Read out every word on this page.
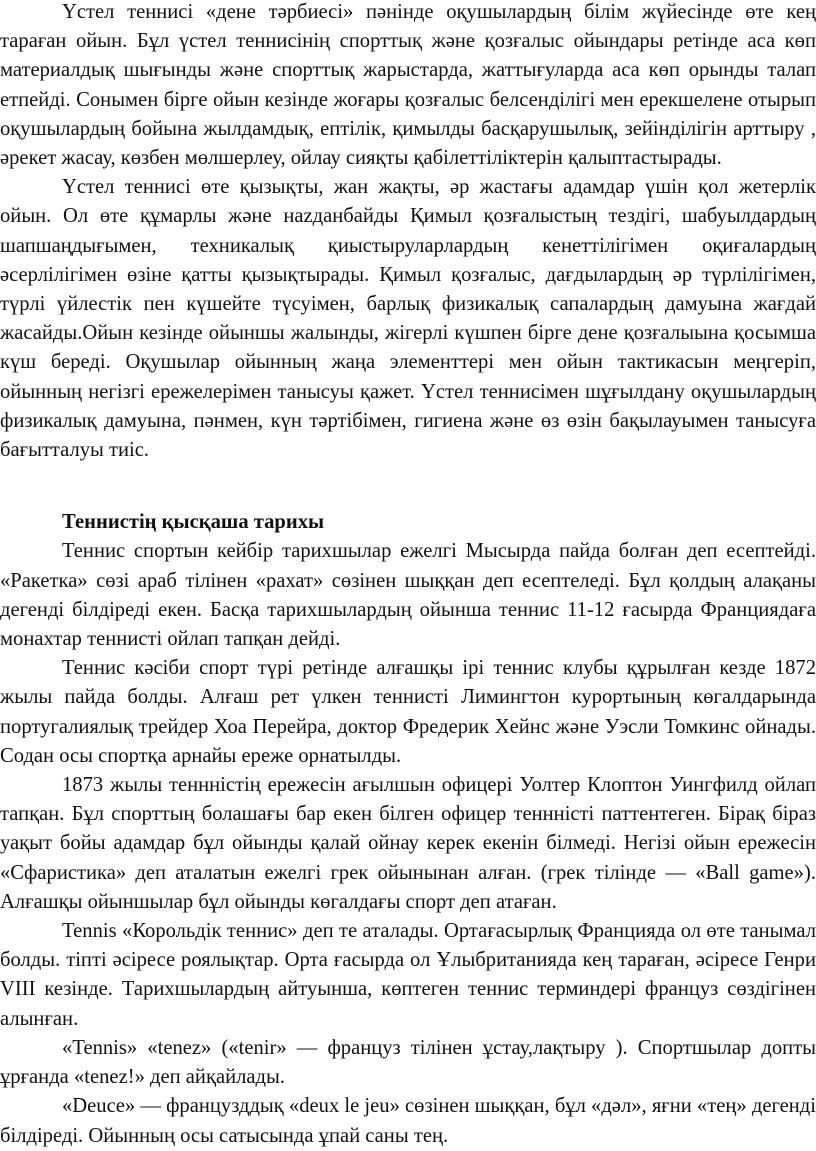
Үстел теннисі «дене тәрбиесі» пәнінде оқушылардың білім жүйесінде өте кең тараған ойын. Бұл үстел теннисінің спорттық және қозғалыс ойындары ретінде аса көп материалдық шығынды және спорттық жарыстарда, жаттығуларда аса көп орынды талап етпейді. Сонымен бірге ойын кезінде жоғары қозғалыс белсенділігі мен ерекшелене отырып оқушылардың бойына жылдамдық, ептілік, қимылды басқарушылық, зейінділігін арттыру , әрекет жасау, көзбен мөлшерлеу, ойлау сияқты қабілеттіліктерін қалыптастырады.

Үстел теннисі өте қызықты, жан жақты, әр жастағы адамдар үшін қол жетерлік ойын. Ол өте құмарлы және нazданбайды Қимыл қозғалыстың тездігі, шабуылдардың шапшаңдығымен, техникалық қиыстыруларлардың кенеттілігімен оқиғалардың әсерлілігімен өзіне қатты қызықтырады. Қимыл қозғалыс, дағдылардың әр түрлілігімен, түрлі үйлестік пен күшейте түсуімен, барлық физикалық сапалардың дамуына жағдай жасайды.Ойын кезінде ойыншы жалынды, жігерлі күшпен бірге дене қозғалыына қосымша күш береді. Оқушылар ойынның жаңа элементтері мен ойын тактикасын меңгеріп, ойынның негізгі ережелерімен танысуы қажет. Үстел теннисімен шұғылдану оқушылардың физикалық дамуына, пәнмен, күн тәртібімен, гигиена және өз өзін бақылауымен танысуға бағытталуы тиіс.

Теннистің қысқаша тарихы

Теннис спортын кейбір тарихшылар ежелгі Мысырда пайда болған деп есептейді. «Ракетка» сөзі араб тілінен «рахат» сөзінен шыққан деп есептеледі. Бұл қолдың алақаны дегенді білдіреді екен. Басқа тарихшылардың ойынша теннис 11-12 ғасырда Франциядаға монахтар теннисті ойлап тапқан дейді.

Теннис кәсіби спорт түрі ретінде алғашқы ірі теннис клубы құрылған кезде 1872 жылы пайда болды. Алғаш рет үлкен теннисті Лимингтон курортының көгалдарында португалиялық трейдер Хоа Перейра, доктор Фредерик Хейнс және Уэсли Томкинс ойнады. Содан осы спортқа арнайы ереже орнатылды.

1873 жылы теннністің ережесін ағылшын офицері Уолтер Клоптон Уингфилд ойлап тапқан. Бұл спорттың болашағы бар екен білген офицер теннністі паттентеген. Бірақ біраз уақыт бойы адамдар бұл ойынды қалай ойнау керек екенін білмеді. Негізі ойын ережесін «Сфаристика» деп аталатын ежелгі грек ойынынан алған. (грек тілінде — «Ball game»). Алғашқы ойыншылар бұл ойынды көгалдағы спорт деп атаған.

Tennis «Корольдік теннис» деп те аталады. Ортағасырлық Францияда ол өте танымал болды. тіпті әсіресе роялықтар. Орта ғасырда ол Ұлыбританияда кең тараған, әсіресе Генри VIII кезінде. Тарихшылардың айтуынша, көптеген теннис терминдері француз сөздігінен алынған.

«Tennis» «tenez» («tenir» — француз тілінен ұстау,лақтыру ). Спортшылар допты ұрғанда «tenez!» деп айқайлады.

«Deuce» — французддық «deux le jeu» сөзінен шыққан, бұл «дәл», яғни «тең» дегенді білдіреді. Ойынның осы сатысында ұпай саны тең.
